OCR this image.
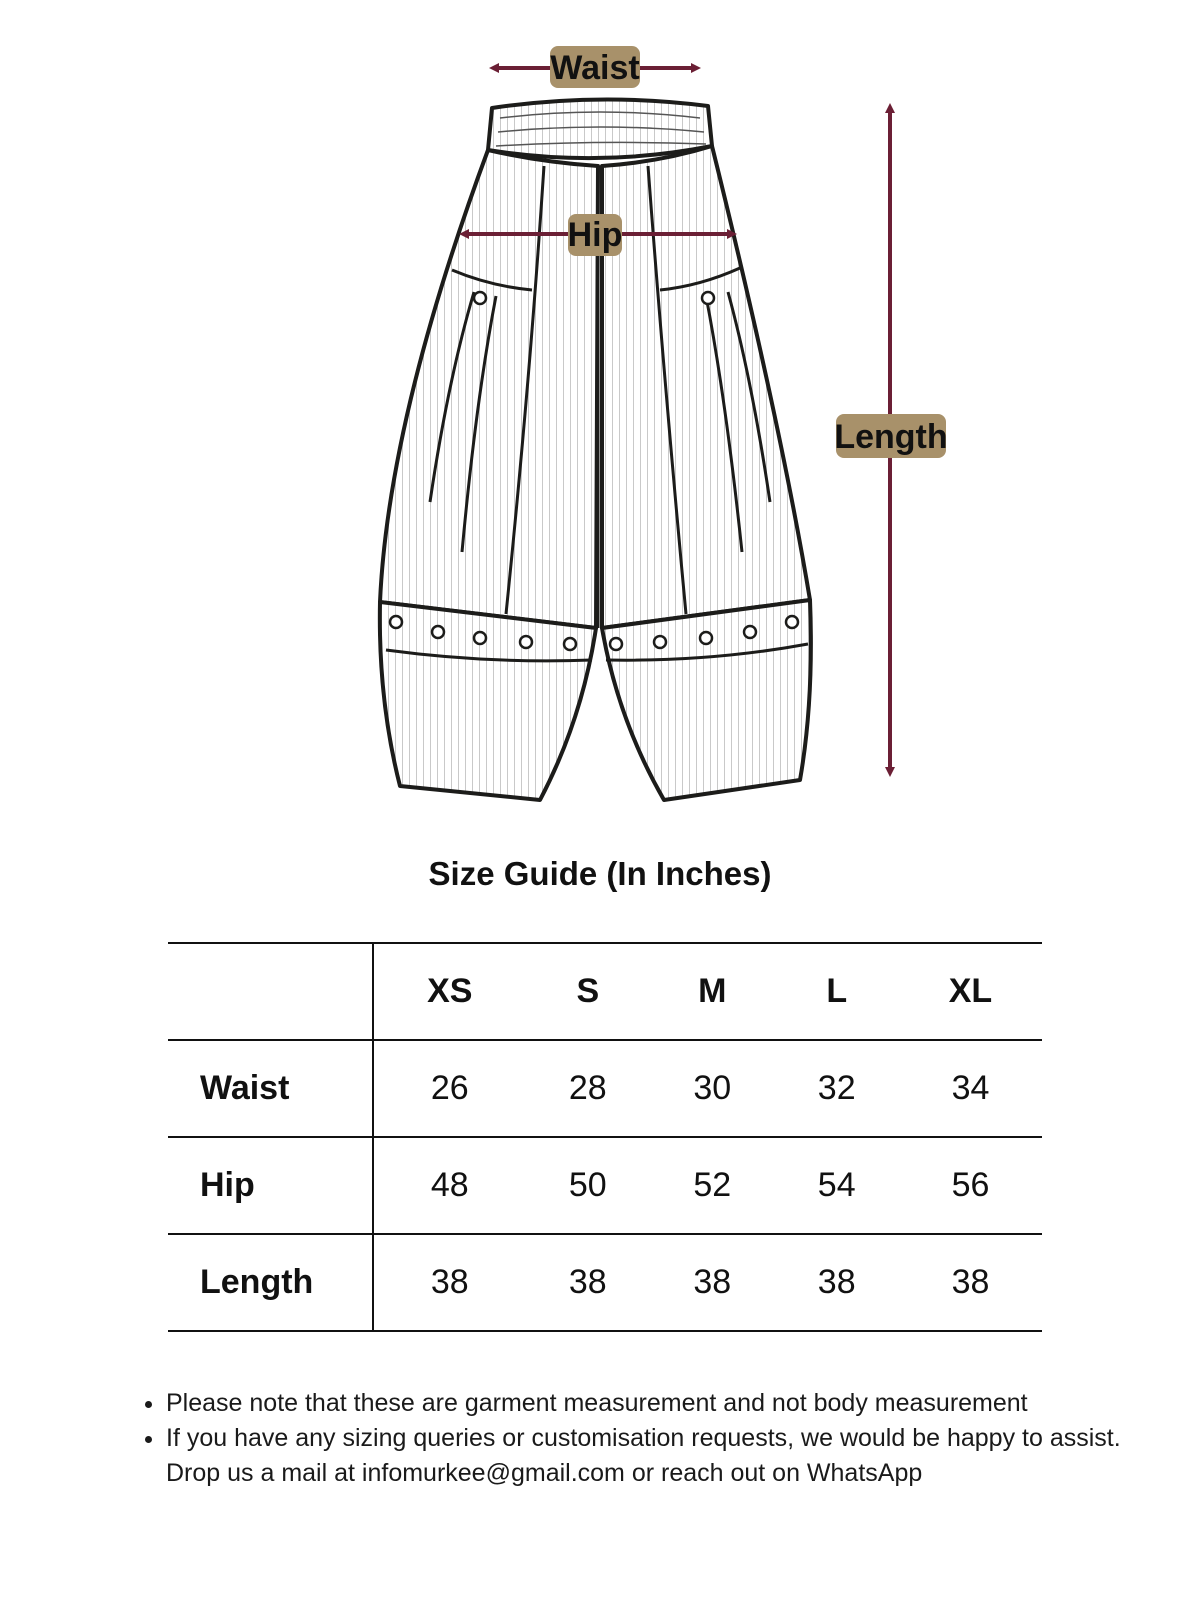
Waist
Hip
Length
Size Guide (In Inches)
	XS	S	M	L	XL
Waist	26	28	30	32	34
Hip	48	50	52	54	56
Length	38	38	38	38	38
• Please note that these are garment measurement and not body measurement
• If you have any sizing queries or customisation requests, we would be happy to assist. Drop us a mail at infomurkee@gmail.com or reach out on WhatsApp
